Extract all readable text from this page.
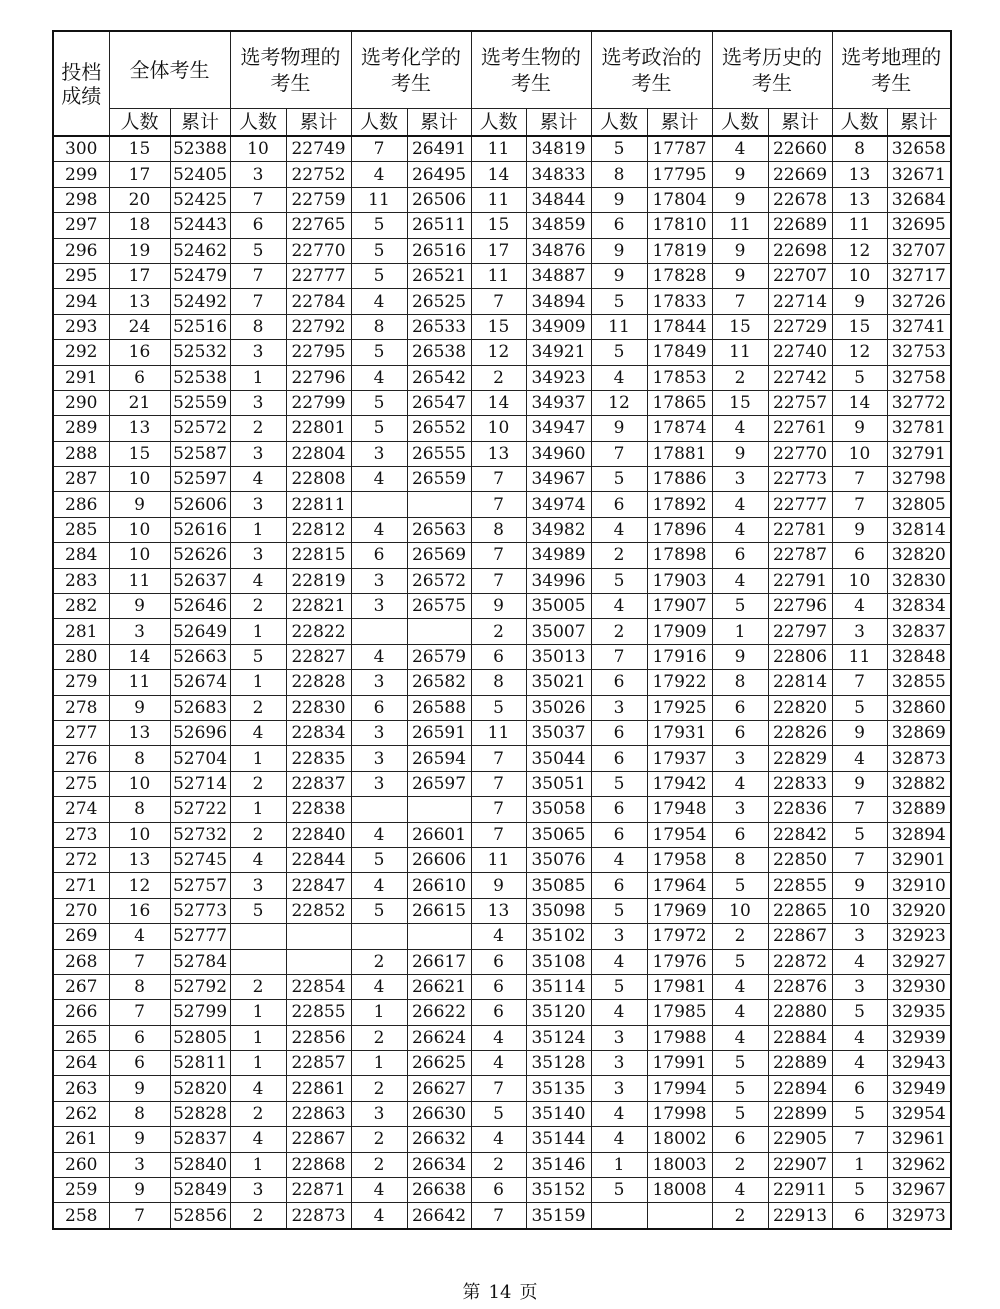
投档成绩	全体考生		选考物理的考生		选考化学的考生		选考生物的考生		选考政治的考生		选考历史的考生		选考地理的考生	

	人数	累计	人数	累计	人数	累计	人数	累计	人数	累计	人数	累计	人数	累计
300	15	52388	10	22749	7	26491	11	34819	5	17787	4	22660	8	32658
299	17	52405	3	22752	4	26495	14	34833	8	17795	9	22669	13	32671
298	20	52425	7	22759	11	26506	11	34844	9	17804	9	22678	13	32684
297	18	52443	6	22765	5	26511	15	34859	6	17810	11	22689	11	32695
296	19	52462	5	22770	5	26516	17	34876	9	17819	9	22698	12	32707
295	17	52479	7	22777	5	26521	11	34887	9	17828	9	22707	10	32717
294	13	52492	7	22784	4	26525	7	34894	5	17833	7	22714	9	32726
293	24	52516	8	22792	8	26533	15	34909	11	17844	15	22729	15	32741
292	16	52532	3	22795	5	26538	12	34921	5	17849	11	22740	12	32753
291	6	52538	1	22796	4	26542	2	34923	4	17853	2	22742	5	32758
290	21	52559	3	22799	5	26547	14	34937	12	17865	15	22757	14	32772
289	13	52572	2	22801	5	26552	10	34947	9	17874	4	22761	9	32781
288	15	52587	3	22804	3	26555	13	34960	7	17881	9	22770	10	32791
287	10	52597	4	22808	4	26559	7	34967	5	17886	3	22773	7	32798
286	9	52606	3	22811			7	34974	6	17892	4	22777	7	32805
285	10	52616	1	22812	4	26563	8	34982	4	17896	4	22781	9	32814
284	10	52626	3	22815	6	26569	7	34989	2	17898	6	22787	6	32820
283	11	52637	4	22819	3	26572	7	34996	5	17903	4	22791	10	32830
282	9	52646	2	22821	3	26575	9	35005	4	17907	5	22796	4	32834
281	3	52649	1	22822			2	35007	2	17909	1	22797	3	32837
280	14	52663	5	22827	4	26579	6	35013	7	17916	9	22806	11	32848
279	11	52674	1	22828	3	26582	8	35021	6	17922	8	22814	7	32855
278	9	52683	2	22830	6	26588	5	35026	3	17925	6	22820	5	32860
277	13	52696	4	22834	3	26591	11	35037	6	17931	6	22826	9	32869
276	8	52704	1	22835	3	26594	7	35044	6	17937	3	22829	4	32873
275	10	52714	2	22837	3	26597	7	35051	5	17942	4	22833	9	32882
274	8	52722	1	22838			7	35058	6	17948	3	22836	7	32889
273	10	52732	2	22840	4	26601	7	35065	6	17954	6	22842	5	32894
272	13	52745	4	22844	5	26606	11	35076	4	17958	8	22850	7	32901
271	12	52757	3	22847	4	26610	9	35085	6	17964	5	22855	9	32910
270	16	52773	5	22852	5	26615	13	35098	5	17969	10	22865	10	32920
269	4	52777					4	35102	3	17972	2	22867	3	32923
268	7	52784			2	26617	6	35108	4	17976	5	22872	4	32927
267	8	52792	2	22854	4	26621	6	35114	5	17981	4	22876	3	32930
266	7	52799	1	22855	1	26622	6	35120	4	17985	4	22880	5	32935
265	6	52805	1	22856	2	26624	4	35124	3	17988	4	22884	4	32939
264	6	52811	1	22857	1	26625	4	35128	3	17991	5	22889	4	32943
263	9	52820	4	22861	2	26627	7	35135	3	17994	5	22894	6	32949
262	8	52828	2	22863	3	26630	5	35140	4	17998	5	22899	5	32954
261	9	52837	4	22867	2	26632	4	35144	4	18002	6	22905	7	32961
260	3	52840	1	22868	2	26634	2	35146	1	18003	2	22907	1	32962
259	9	52849	3	22871	4	26638	6	35152	5	18008	4	22911	5	32967
258	7	52856	2	22873	4	26642	7	35159			2	22913	6	32973
第 14 页
